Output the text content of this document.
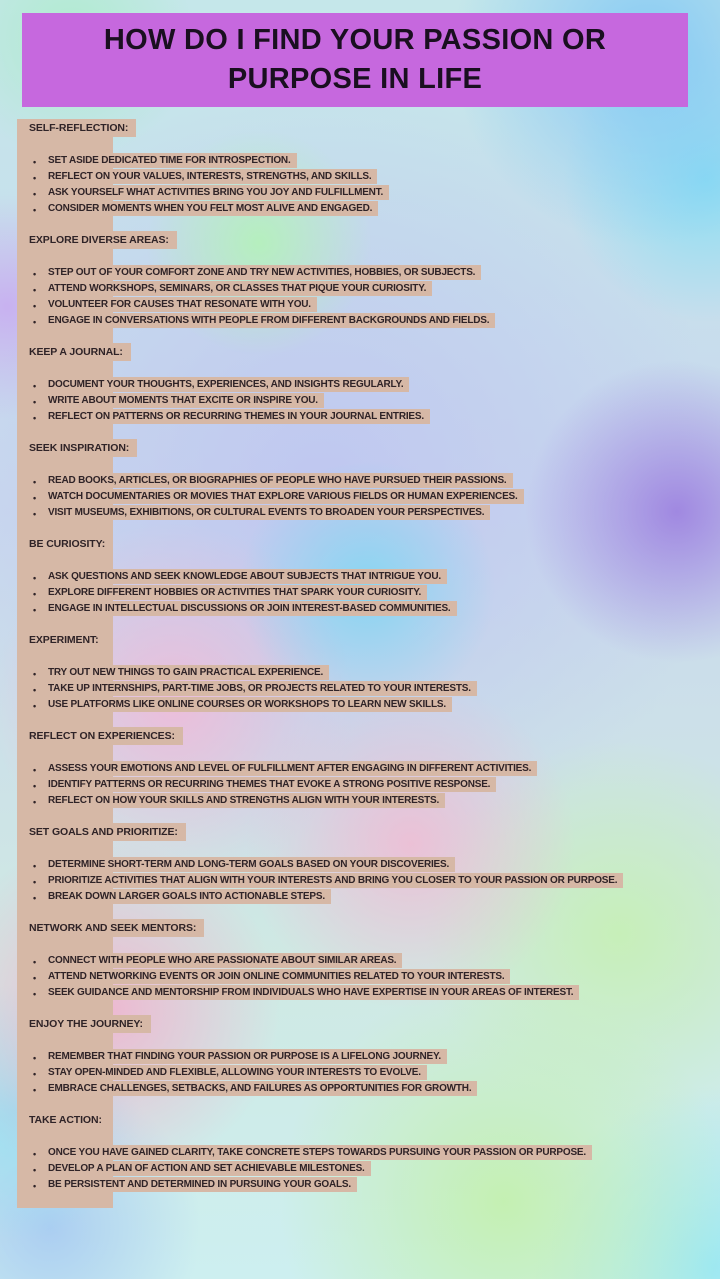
HOW DO I FIND YOUR PASSION OR
PURPOSE IN LIFE
SELF-REFLECTION:
• SET ASIDE DEDICATED TIME FOR INTROSPECTION.
• REFLECT ON YOUR VALUES, INTERESTS, STRENGTHS, AND SKILLS.
• ASK YOURSELF WHAT ACTIVITIES BRING YOU JOY AND FULFILLMENT.
• CONSIDER MOMENTS WHEN YOU FELT MOST ALIVE AND ENGAGED.
EXPLORE DIVERSE AREAS:
• STEP OUT OF YOUR COMFORT ZONE AND TRY NEW ACTIVITIES, HOBBIES, OR SUBJECTS.
• ATTEND WORKSHOPS, SEMINARS, OR CLASSES THAT PIQUE YOUR CURIOSITY.
• VOLUNTEER FOR CAUSES THAT RESONATE WITH YOU.
• ENGAGE IN CONVERSATIONS WITH PEOPLE FROM DIFFERENT BACKGROUNDS AND FIELDS.
KEEP A JOURNAL:
• DOCUMENT YOUR THOUGHTS, EXPERIENCES, AND INSIGHTS REGULARLY.
• WRITE ABOUT MOMENTS THAT EXCITE OR INSPIRE YOU.
• REFLECT ON PATTERNS OR RECURRING THEMES IN YOUR JOURNAL ENTRIES.
SEEK INSPIRATION:
• READ BOOKS, ARTICLES, OR BIOGRAPHIES OF PEOPLE WHO HAVE PURSUED THEIR PASSIONS.
• WATCH DOCUMENTARIES OR MOVIES THAT EXPLORE VARIOUS FIELDS OR HUMAN EXPERIENCES.
• VISIT MUSEUMS, EXHIBITIONS, OR CULTURAL EVENTS TO BROADEN YOUR PERSPECTIVES.
BE CURIOSITY:
• ASK QUESTIONS AND SEEK KNOWLEDGE ABOUT SUBJECTS THAT INTRIGUE YOU.
• EXPLORE DIFFERENT HOBBIES OR ACTIVITIES THAT SPARK YOUR CURIOSITY.
• ENGAGE IN INTELLECTUAL DISCUSSIONS OR JOIN INTEREST-BASED COMMUNITIES.
EXPERIMENT:
• TRY OUT NEW THINGS TO GAIN PRACTICAL EXPERIENCE.
• TAKE UP INTERNSHIPS, PART-TIME JOBS, OR PROJECTS RELATED TO YOUR INTERESTS.
• USE PLATFORMS LIKE ONLINE COURSES OR WORKSHOPS TO LEARN NEW SKILLS.
REFLECT ON EXPERIENCES:
• ASSESS YOUR EMOTIONS AND LEVEL OF FULFILLMENT AFTER ENGAGING IN DIFFERENT ACTIVITIES.
• IDENTIFY PATTERNS OR RECURRING THEMES THAT EVOKE A STRONG POSITIVE RESPONSE.
• REFLECT ON HOW YOUR SKILLS AND STRENGTHS ALIGN WITH YOUR INTERESTS.
SET GOALS AND PRIORITIZE:
• DETERMINE SHORT-TERM AND LONG-TERM GOALS BASED ON YOUR DISCOVERIES.
• PRIORITIZE ACTIVITIES THAT ALIGN WITH YOUR INTERESTS AND BRING YOU CLOSER TO YOUR PASSION OR PURPOSE.
• BREAK DOWN LARGER GOALS INTO ACTIONABLE STEPS.
NETWORK AND SEEK MENTORS:
• CONNECT WITH PEOPLE WHO ARE PASSIONATE ABOUT SIMILAR AREAS.
• ATTEND NETWORKING EVENTS OR JOIN ONLINE COMMUNITIES RELATED TO YOUR INTERESTS.
• SEEK GUIDANCE AND MENTORSHIP FROM INDIVIDUALS WHO HAVE EXPERTISE IN YOUR AREAS OF INTEREST.
ENJOY THE JOURNEY:
• REMEMBER THAT FINDING YOUR PASSION OR PURPOSE IS A LIFELONG JOURNEY.
• STAY OPEN-MINDED AND FLEXIBLE, ALLOWING YOUR INTERESTS TO EVOLVE.
• EMBRACE CHALLENGES, SETBACKS, AND FAILURES AS OPPORTUNITIES FOR GROWTH.
TAKE ACTION:
• ONCE YOU HAVE GAINED CLARITY, TAKE CONCRETE STEPS TOWARDS PURSUING YOUR PASSION OR PURPOSE.
• DEVELOP A PLAN OF ACTION AND SET ACHIEVABLE MILESTONES.
• BE PERSISTENT AND DETERMINED IN PURSUING YOUR GOALS.
